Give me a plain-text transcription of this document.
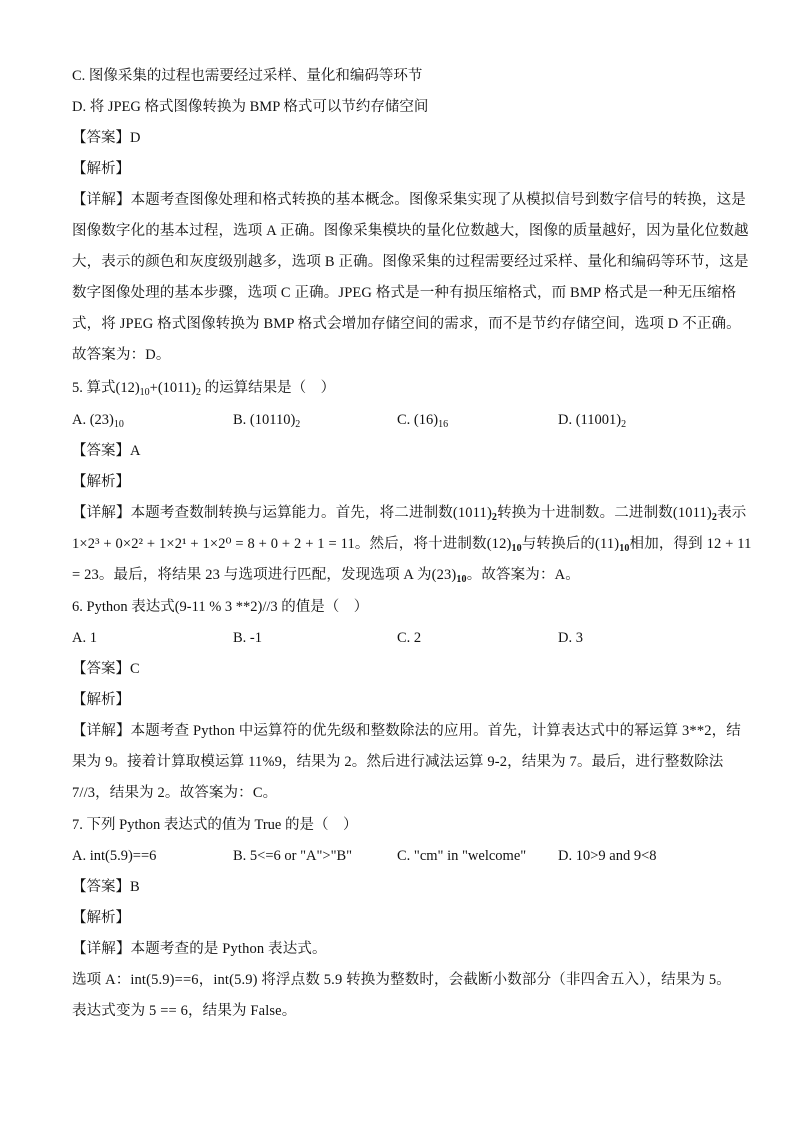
C. 图像采集的过程也需要经过采样、量化和编码等环节
D. 将 JPEG 格式图像转换为 BMP 格式可以节约存储空间
【答案】D
【解析】
【详解】本题考查图像处理和格式转换的基本概念。图像采集实现了从模拟信号到数字信号的转换，这是
图像数字化的基本过程，选项 A 正确。图像采集模块的量化位数越大，图像的质量越好，因为量化位数越
大，表示的颜色和灰度级别越多，选项 B 正确。图像采集的过程需要经过采样、量化和编码等环节，这是
数字图像处理的基本步骤，选项 C 正确。JPEG 格式是一种有损压缩格式，而 BMP 格式是一种无压缩格
式，将 JPEG 格式图像转换为 BMP 格式会增加存储空间的需求，而不是节约存储空间，选项 D 不正确。
故答案为：D。
5. 算式$(12)_{10}+(1011)_2$ 的运算结果是（　）
A. $(23)_{10}$	B. $(10110)_2$	C. $(16)_{16}$	D. $(11001)_2$
【答案】A
【解析】
【详解】本题考查数制转换与运算能力。首先，将二进制数$(1011)_2$转换为十进制数。二进制数$(1011)_2$表示
1×2³ + 0×2² + 1×2¹ + 1×2⁰ = 8 + 0 + 2 + 1 = 11。然后，将十进制数$(12)_{10}$与转换后的$(11)_{10}$相加，得到 12 + 11
= 23。最后，将结果 23 与选项进行匹配，发现选项 A 为$(23)_{10}$。故答案为：A。
6. Python 表达式(9-11 % 3 **2)//3 的值是（　）
A. 1	B. -1	C. 2	D. 3
【答案】C
【解析】
【详解】本题考查 Python 中运算符的优先级和整数除法的应用。首先，计算表达式中的幂运算 3**2，结
果为 9。接着计算取模运算 11%9，结果为 2。然后进行减法运算 9-2，结果为 7。最后，进行整数除法
7//3，结果为 2。故答案为：C。
7. 下列 Python 表达式的值为 True 的是（　）
A. int(5.9)==6	B. 5<=6 or "A">"B"	C. "cm" in "welcome" D. 10>9 and 9<8
【答案】B
【解析】
【详解】本题考查的是 Python 表达式。
选项 A：int(5.9)==6，int(5.9) 将浮点数 5.9 转换为整数时，会截断小数部分（非四舍五入），结果为 5。
表达式变为 5 == 6，结果为 False。
